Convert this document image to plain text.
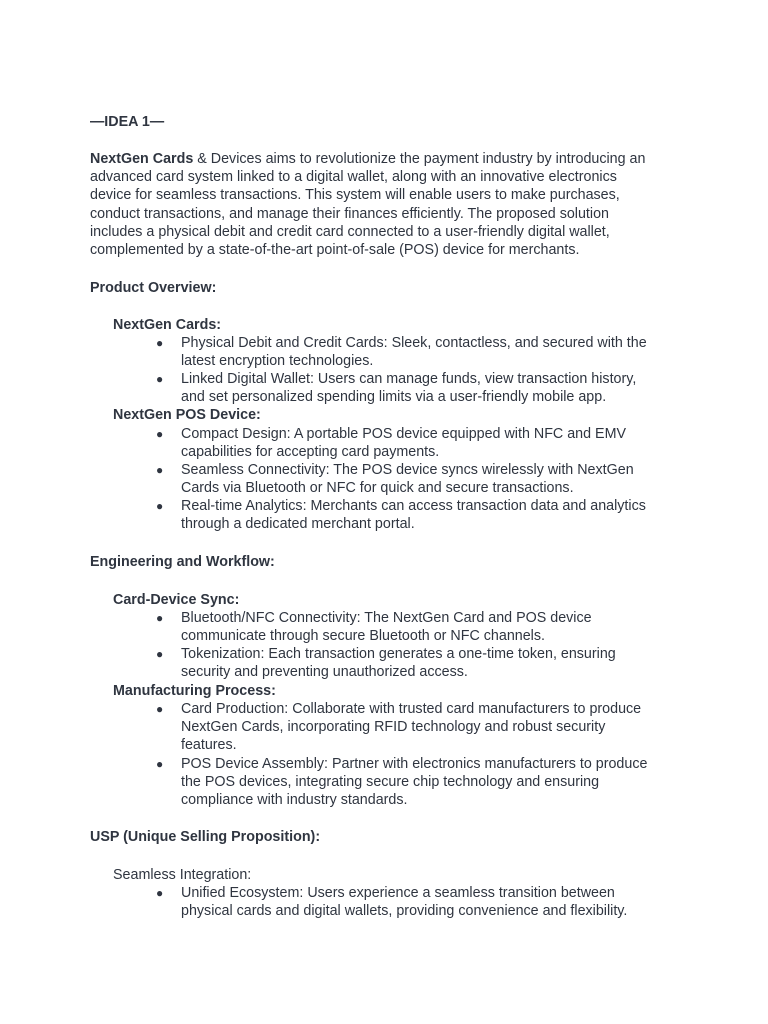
—IDEA 1—
NextGen Cards & Devices aims to revolutionize the payment industry by introducing an
advanced card system linked to a digital wallet, along with an innovative electronics
device for seamless transactions. This system will enable users to make purchases,
conduct transactions, and manage their finances efficiently. The proposed solution
includes a physical debit and credit card connected to a user-friendly digital wallet,
complemented by a state-of-the-art point-of-sale (POS) device for merchants.
Product Overview:
NextGen Cards:
● Physical Debit and Credit Cards: Sleek, contactless, and secured with the
latest encryption technologies.
● Linked Digital Wallet: Users can manage funds, view transaction history,
and set personalized spending limits via a user-friendly mobile app.
NextGen POS Device:
● Compact Design: A portable POS device equipped with NFC and EMV
capabilities for accepting card payments.
● Seamless Connectivity: The POS device syncs wirelessly with NextGen
Cards via Bluetooth or NFC for quick and secure transactions.
● Real-time Analytics: Merchants can access transaction data and analytics
through a dedicated merchant portal.
Engineering and Workflow:
Card-Device Sync:
● Bluetooth/NFC Connectivity: The NextGen Card and POS device
communicate through secure Bluetooth or NFC channels.
● Tokenization: Each transaction generates a one-time token, ensuring
security and preventing unauthorized access.
Manufacturing Process:
● Card Production: Collaborate with trusted card manufacturers to produce
NextGen Cards, incorporating RFID technology and robust security
features.
● POS Device Assembly: Partner with electronics manufacturers to produce
the POS devices, integrating secure chip technology and ensuring
compliance with industry standards.
USP (Unique Selling Proposition):
Seamless Integration:
● Unified Ecosystem: Users experience a seamless transition between
physical cards and digital wallets, providing convenience and flexibility.
